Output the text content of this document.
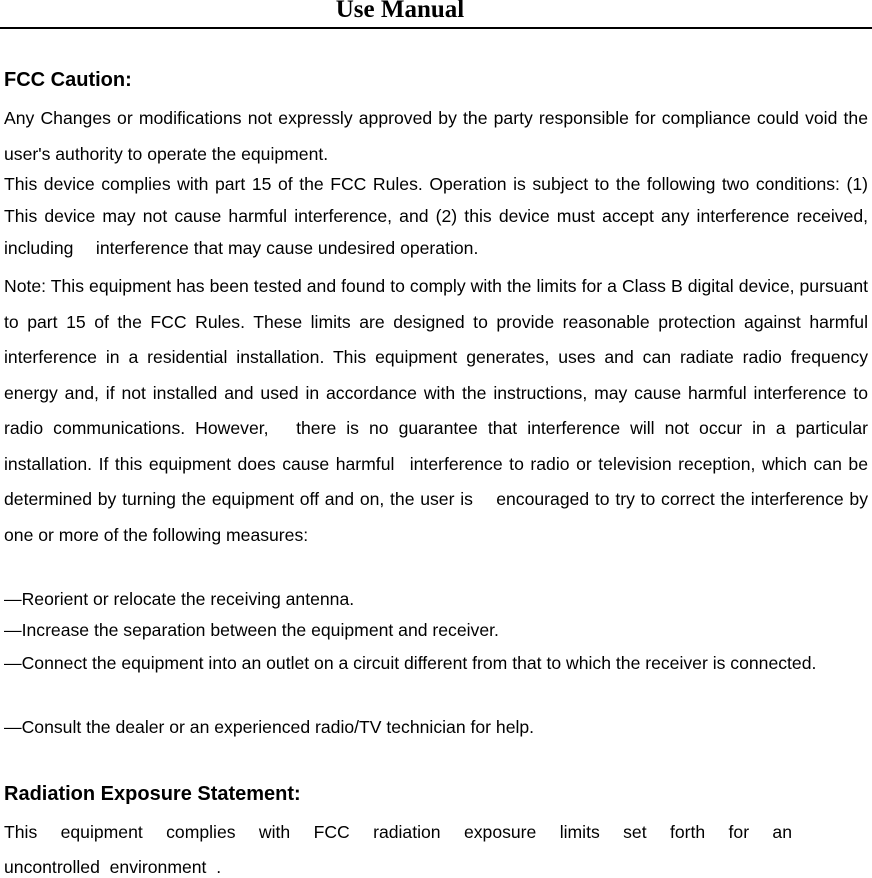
Use Manual
FCC Caution:
Any Changes or modifications not expressly approved by the party responsible for compliance could void the user's authority to operate the equipment.
This device complies with part 15 of the FCC Rules. Operation is subject to the following two conditions: (1) This device may not cause harmful interference, and (2) this device must accept any interference received, including  interference that may cause undesired operation.
Note: This equipment has been tested and found to comply with the limits for a Class B digital device, pursuant to part 15 of the FCC Rules. These limits are designed to provide reasonable protection against harmful interference in a residential installation. This equipment generates, uses and can radiate radio frequency energy and, if not installed and used in accordance with the instructions, may cause harmful interference to radio communications. However,  there is no guarantee that interference will not occur in a particular installation. If this equipment does cause harmful  interference to radio or television reception, which can be determined by turning the equipment off and on, the user is  encouraged to try to correct the interference by one or more of the following measures:
—Reorient or relocate the receiving antenna.
—Increase the separation between the equipment and receiver.
—Connect the equipment into an outlet on a circuit different from that to which the receiver is connected.
—Consult the dealer or an experienced radio/TV technician for help.
Radiation Exposure Statement:
This equipment complies with FCC radiation exposure limits set forth for an
uncontrolled  environment  .
